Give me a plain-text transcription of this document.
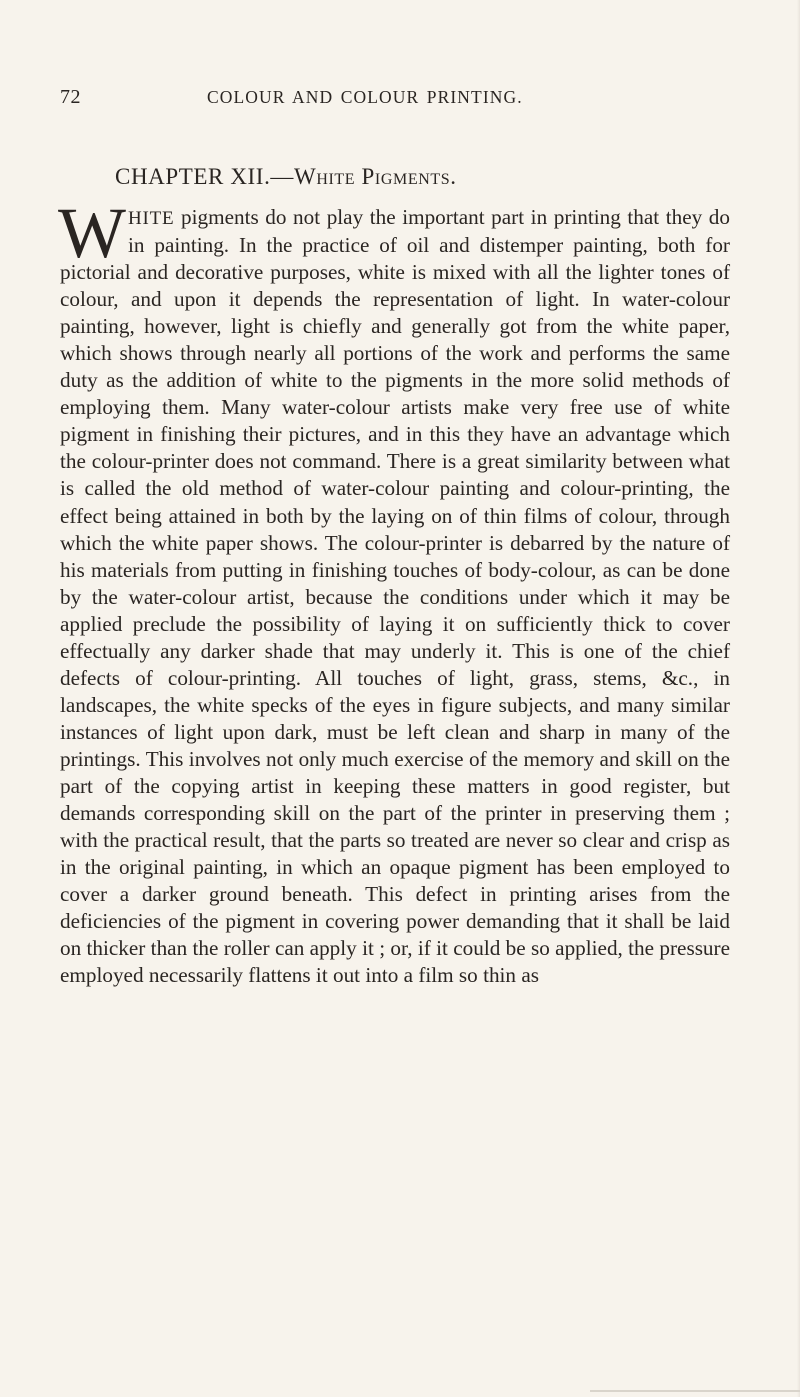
72	COLOUR AND COLOUR PRINTING.
CHAPTER XII.—White Pigments.
WHITE pigments do not play the important part in printing that they do in painting. In the practice of oil and distemper painting, both for pictorial and decorative purposes, white is mixed with all the lighter tones of colour, and upon it depends the representation of light. In water-colour painting, however, light is chiefly and generally got from the white paper, which shows through nearly all portions of the work and performs the same duty as the addition of white to the pigments in the more solid methods of employing them. Many water-colour artists make very free use of white pigment in finishing their pictures, and in this they have an advantage which the colour-printer does not command. There is a great similarity between what is called the old method of water-colour painting and colour-printing, the effect being attained in both by the laying on of thin films of colour, through which the white paper shows. The colour-printer is debarred by the nature of his materials from putting in finishing touches of body-colour, as can be done by the water-colour artist, because the conditions under which it may be applied preclude the possibility of laying it on sufficiently thick to cover effectually any darker shade that may underly it. This is one of the chief defects of colour-printing. All touches of light, grass, stems, &c., in landscapes, the white specks of the eyes in figure subjects, and many similar instances of light upon dark, must be left clean and sharp in many of the printings. This involves not only much exercise of the memory and skill on the part of the copying artist in keeping these matters in good register, but demands corresponding skill on the part of the printer in preserving them ; with the practical result, that the parts so treated are never so clear and crisp as in the original painting, in which an opaque pigment has been employed to cover a darker ground beneath. This defect in printing arises from the deficiencies of the pigment in covering power demanding that it shall be laid on thicker than the roller can apply it ; or, if it could be so applied, the pressure employed necessarily flattens it out into a film so thin as
